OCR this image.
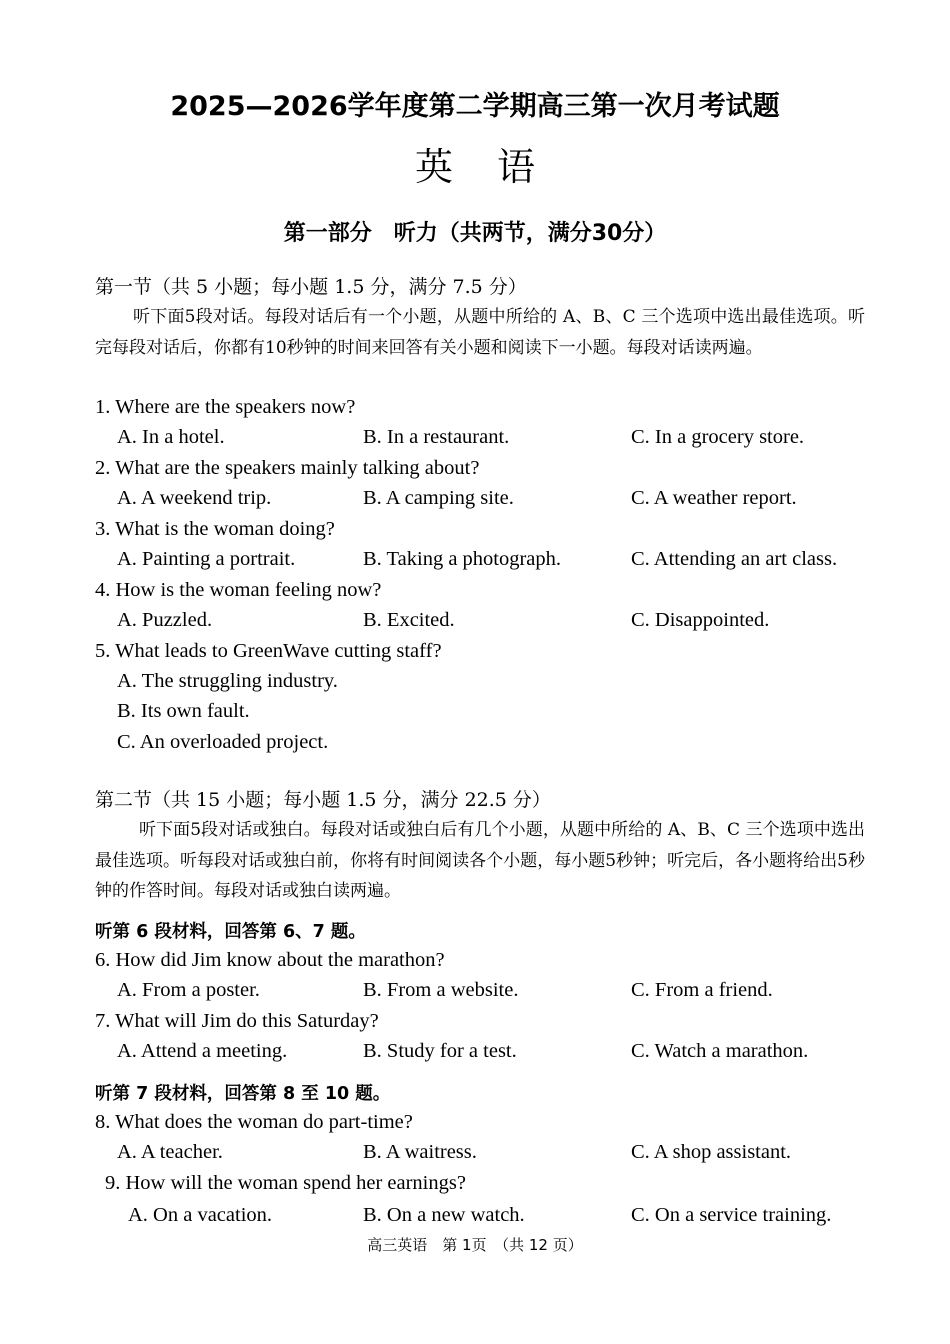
2025—2026学年度第二学期高三第一次月考试题
英语
第一部分　听力（共两节，满分30分）
第一节（共 5 小题；每小题 1.5 分，满分 7.5 分）
听下面5段对话。每段对话后有一个小题，从题中所给的 A、B、C 三个选项中选出最佳选项。听完每段对话后，你都有10秒钟的时间来回答有关小题和阅读下一小题。每段对话读两遍。
1. Where are the speakers now?
A. In a hotel.	B. In a restaurant.	C. In a grocery store.
2. What are the speakers mainly talking about?
A. A weekend trip.	B. A camping site.	C. A weather report.
3. What is the woman doing?
A. Painting a portrait.	B. Taking a photograph.	C. Attending an art class.
4. How is the woman feeling now?
A. Puzzled.	B. Excited.	C. Disappointed.
5. What leads to GreenWave cutting staff?
A. The struggling industry.
B. Its own fault.
C. An overloaded project.
第二节（共 15 小题；每小题 1.5 分，满分 22.5 分）
听下面5段对话或独白。每段对话或独白后有几个小题，从题中所给的 A、B、C 三个选项中选出最佳选项。听每段对话或独白前，你将有时间阅读各个小题，每小题5秒钟；听完后，各小题将给出5秒钟的作答时间。每段对话或独白读两遍。
听第 6 段材料，回答第 6、7 题。
6. How did Jim know about the marathon?
A. From a poster.	B. From a website.	C. From a friend.
7. What will Jim do this Saturday?
A. Attend a meeting.	B. Study for a test.	C. Watch a marathon.
听第 7 段材料，回答第 8 至 10 题。
8. What does the woman do part-time?
A. A teacher.	B. A waitress.	C. A shop assistant.
9. How will the woman spend her earnings?
A. On a vacation.	B. On a new watch.	C. On a service training.
高三英语　第 1页　（共 12 页）
